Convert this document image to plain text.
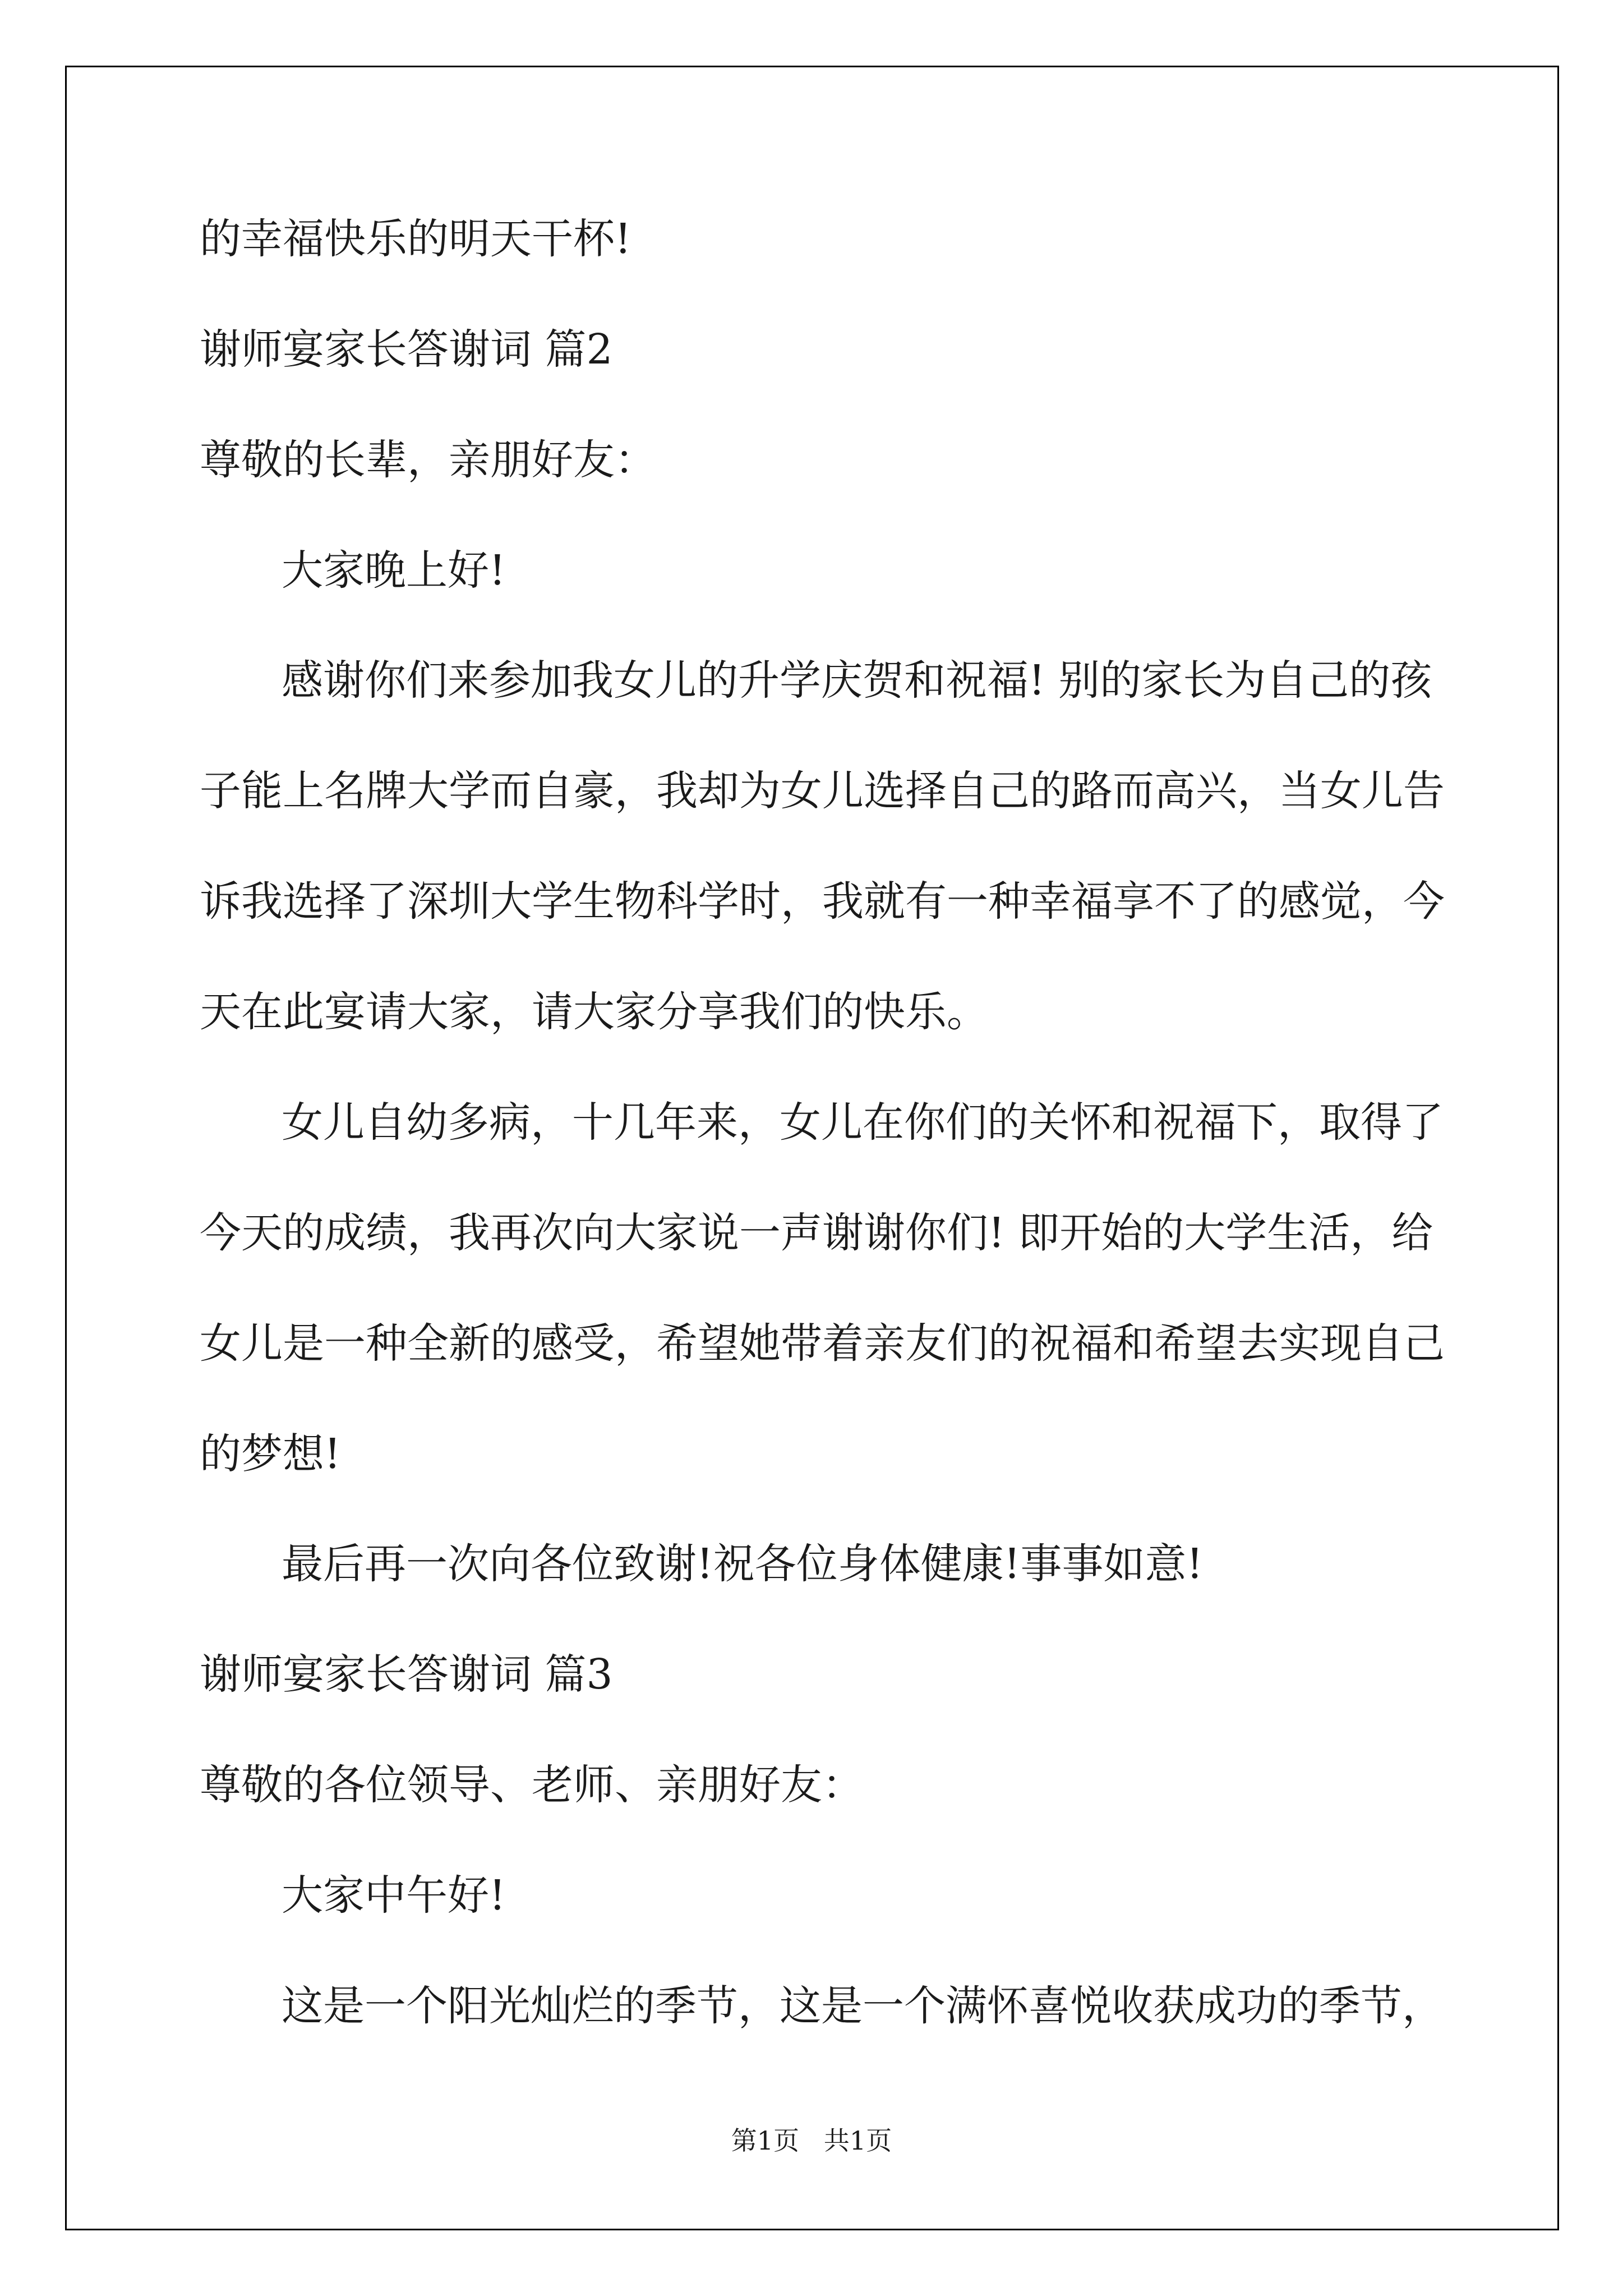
的幸福快乐的明天干杯!

谢师宴家长答谢词 篇2

尊敬的长辈，亲朋好友：

大家晚上好!

感谢你们来参加我女儿的升学庆贺和祝福! 别的家长为自己的孩

子能上名牌大学而自豪，我却为女儿选择自己的路而高兴，当女儿告

诉我选择了深圳大学生物科学时，我就有一种幸福享不了的感觉，今

天在此宴请大家，请大家分享我们的快乐。

女儿自幼多病，十几年来，女儿在你们的关怀和祝福下，取得了

今天的成绩，我再次向大家说一声谢谢你们! 即开始的大学生活，给

女儿是一种全新的感受，希望她带着亲友们的祝福和希望去实现自己

的梦想!

最后再一次向各位致谢!祝各位身体健康!事事如意!

谢师宴家长答谢词 篇3

尊敬的各位领导、老师、亲朋好友：

大家中午好!

这是一个阳光灿烂的季节，这是一个满怀喜悦收获成功的季节，

第1页   共1页
